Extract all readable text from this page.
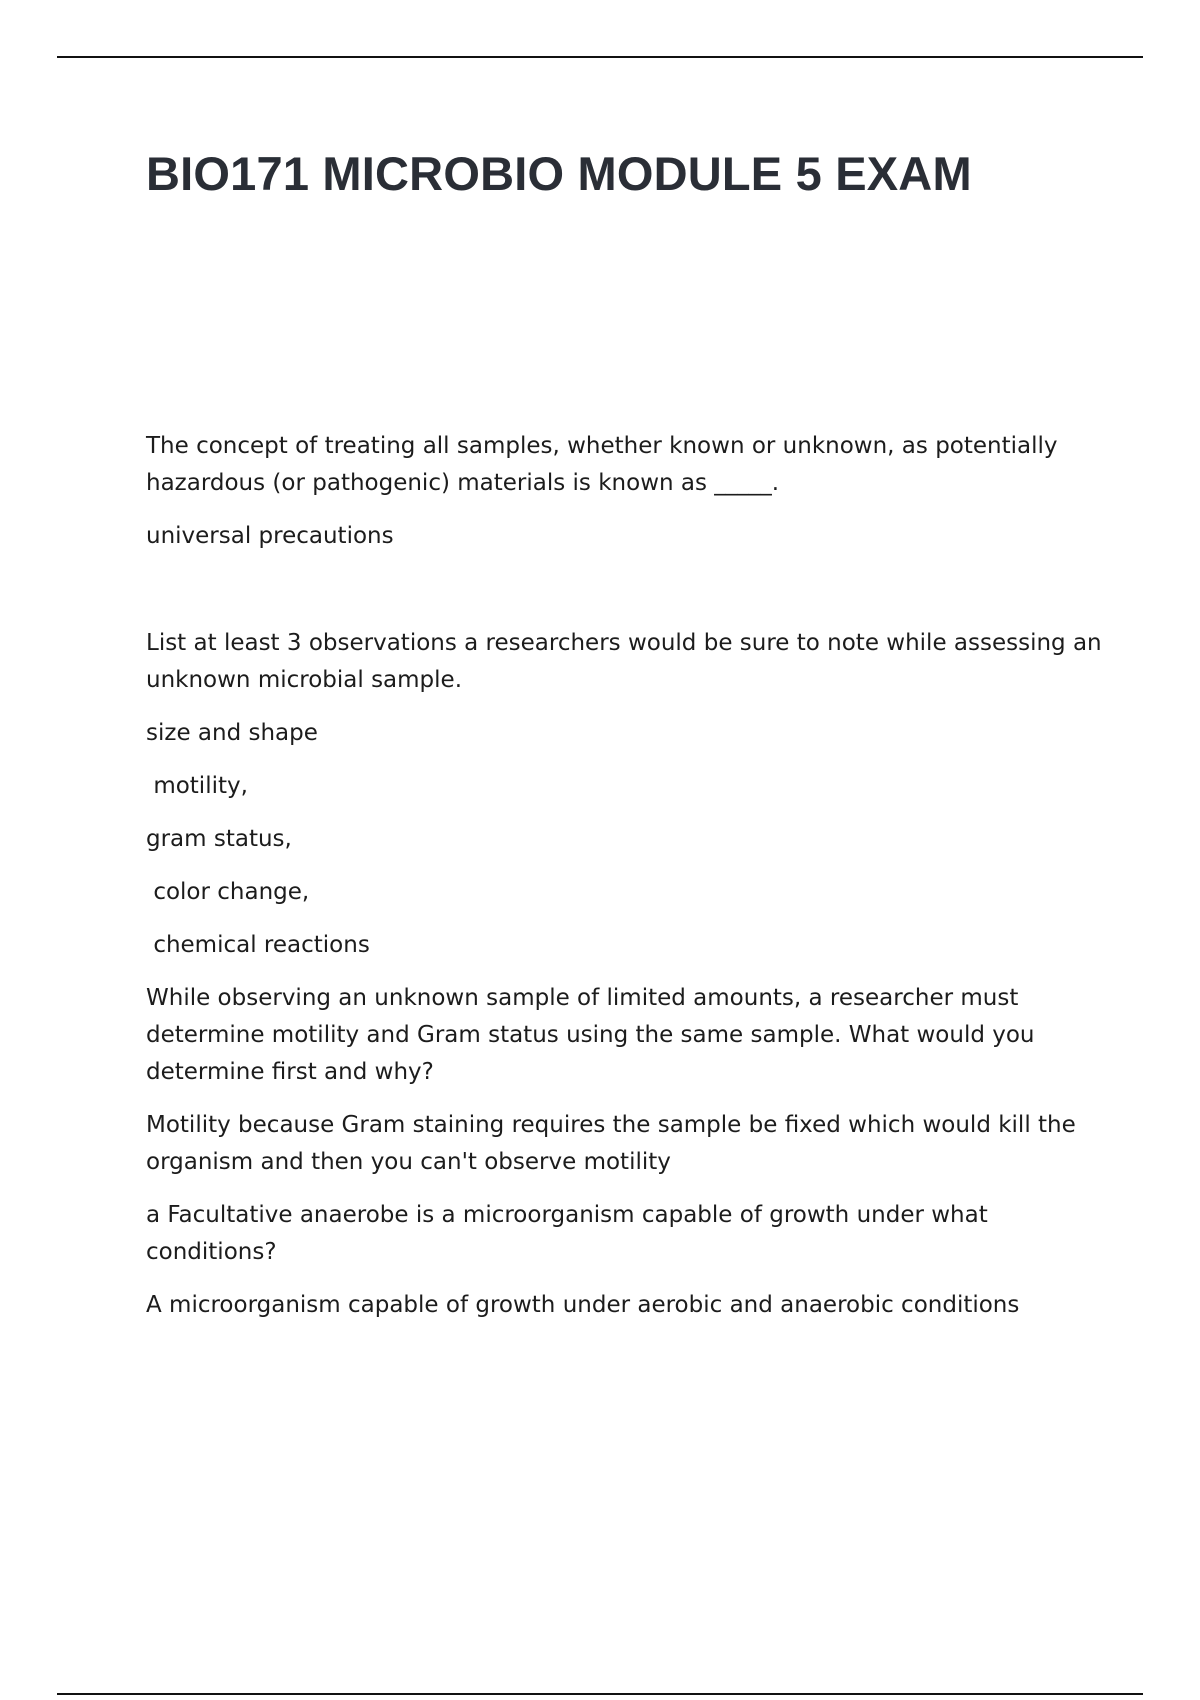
BIO171 MICROBIO MODULE 5 EXAM

The concept of treating all samples, whether known or unknown, as potentially hazardous (or pathogenic) materials is known as _____.

universal precautions

List at least 3 observations a researchers would be sure to note while assessing an unknown microbial sample.

size and shape

motility,

gram status,

color change,

chemical reactions

While observing an unknown sample of limited amounts, a researcher must determine motility and Gram status using the same sample. What would you determine first and why?

Motility because Gram staining requires the sample be fixed which would kill the organism and then you can't observe motility

a Facultative anaerobe is a microorganism capable of growth under what conditions?

A microorganism capable of growth under aerobic and anaerobic conditions
